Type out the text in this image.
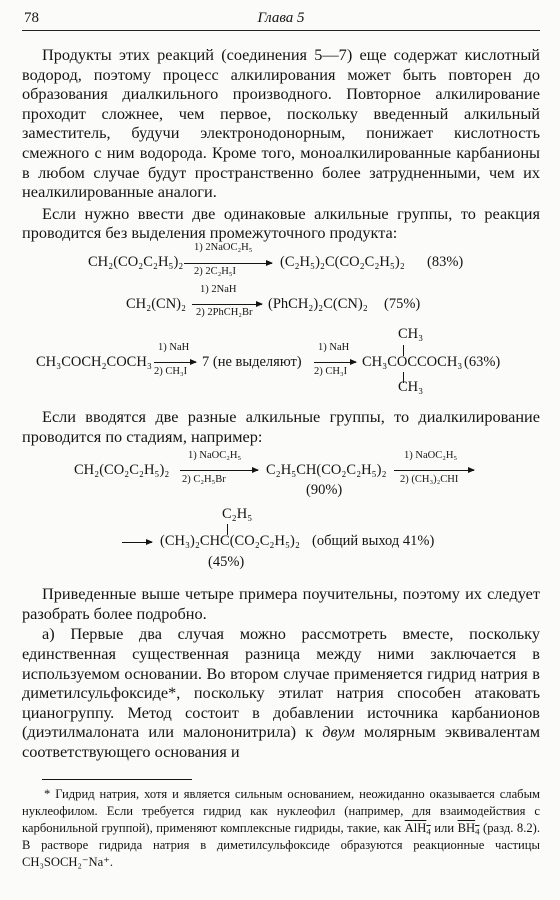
78	Глава 5

Продукты этих реакций (соединения 5—7) еще содержат кислотный водород, поэтому процесс алкилирования может быть повторен до образования диалкильного производного. Повторное алкилирование проходит сложнее, чем первое, поскольку введенный алкильный заместитель, будучи электронодонорным, понижает кислотность смежного с ним водорода. Кроме того, моноалкилированные карбанионы в любом случае будут пространственно более затрудненными, чем их неалкилированные аналоги.

Если нужно ввести две одинаковые алкильные группы, то реакция проводится без выделения промежуточного продукта:

CH₂(CO₂C₂H₅)₂
1) 2NaOC₂H₅
2) 2C₂H₅I
(C₂H₅)₂C(CO₂C₂H₅)₂ (83%)
CH₂(CN)₂
1) 2NaH
2) 2PhCH₂Br
(PhCH₂)₂C(CN)₂ (75%)
CH₃COCH₂COCH₃
1) NaH
2) CH₃I
7 (не выделяют)
1) NaH
2) CH₃I
CH₃
CH₃COCCOCH₃ (63%)
CH₃

Если вводятся две разные алкильные группы, то диалкилирование проводится по стадиям, например:

CH₂(CO₂C₂H₅)₂
1) NaOC₂H₅
2) C₂H₅Br
C₂H₅CH(CO₂C₂H₅)₂
(90%)
1) NaOC₂H₅
2) (CH₃)₂CHI
C₂H₅
→ (CH₃)₂CHC(CO₂C₂H₅)₂ (общий выход 41%)
(45%)

Приведенные выше четыре примера поучительны, поэтому их следует разобрать более подробно.

а) Первые два случая можно рассмотреть вместе, поскольку единственная существенная разница между ними заключается в используемом основании. Во втором случае применяется гидрид натрия в диметилсульфоксиде*, поскольку этилат натрия способен атаковать цианогруппу. Метод состоит в добавлении источника карбанионов (диэтилмалоната или малононитрила) к двум молярным эквивалентам соответствующего основания и

* Гидрид натрия, хотя и является сильным основанием, неожиданно оказывается слабым нуклеофилом. Если требуется гидрид как нуклеофил (например, для взаимодействия с карбонильной группой), применяют комплексные гидриды, такие, как AlH$_4$ или $BH_4$ (разд. 8.2). В растворе гидрида натрия в диметилсульфоксиде образуются реакционные частицы CH₃SOCH₂⁻Na⁺.
